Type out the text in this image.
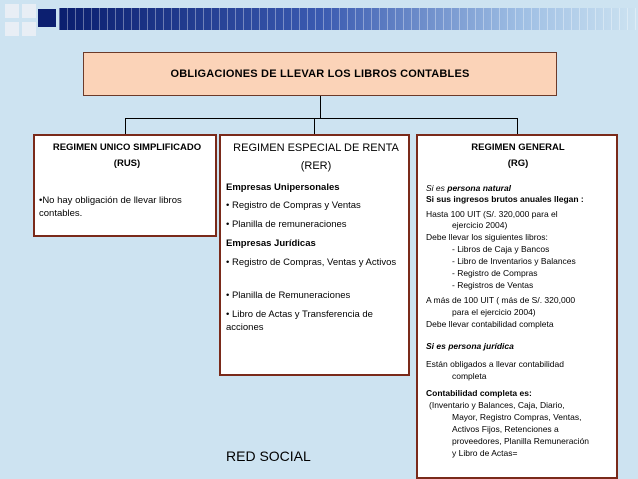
OBLIGACIONES DE LLEVAR LOS LIBROS CONTABLES
REGIMEN UNICO SIMPLIFICADO
(RUS)
•No hay obligación de llevar libros contables.
REGIMEN ESPECIAL DE RENTA
(RER)
Empresas Unipersonales
• Registro de Compras y Ventas
• Planilla de remuneraciones
Empresas Jurídicas
• Registro de Compras, Ventas y Activos
• Planilla de Remuneraciones
• Libro de Actas y Transferencia de acciones
REGIMEN GENERAL
(RG)
Si es persona natural
Si sus ingresos brutos anuales llegan :
Hasta 100 UIT (S/. 320,000 para el
ejercicio 2004)
Debe llevar los siguientes libros:
- Libros de Caja y Bancos
- Libro de Inventarios y Balances
- Registro de Compras
- Registros de Ventas
A más de 100 UIT ( más de S/. 320,000
para el ejercicio 2004)
Debe llevar contabilidad completa
Si es persona jurídica
Están obligados a llevar contabilidad
completa
Contabilidad completa es:
(Inventario y Balances, Caja, Diario,
Mayor, Registro Compras, Ventas,
Activos Fijos, Retenciones a
proveedores, Planilla Remuneración
y Libro de Actas=
RED SOCIAL
